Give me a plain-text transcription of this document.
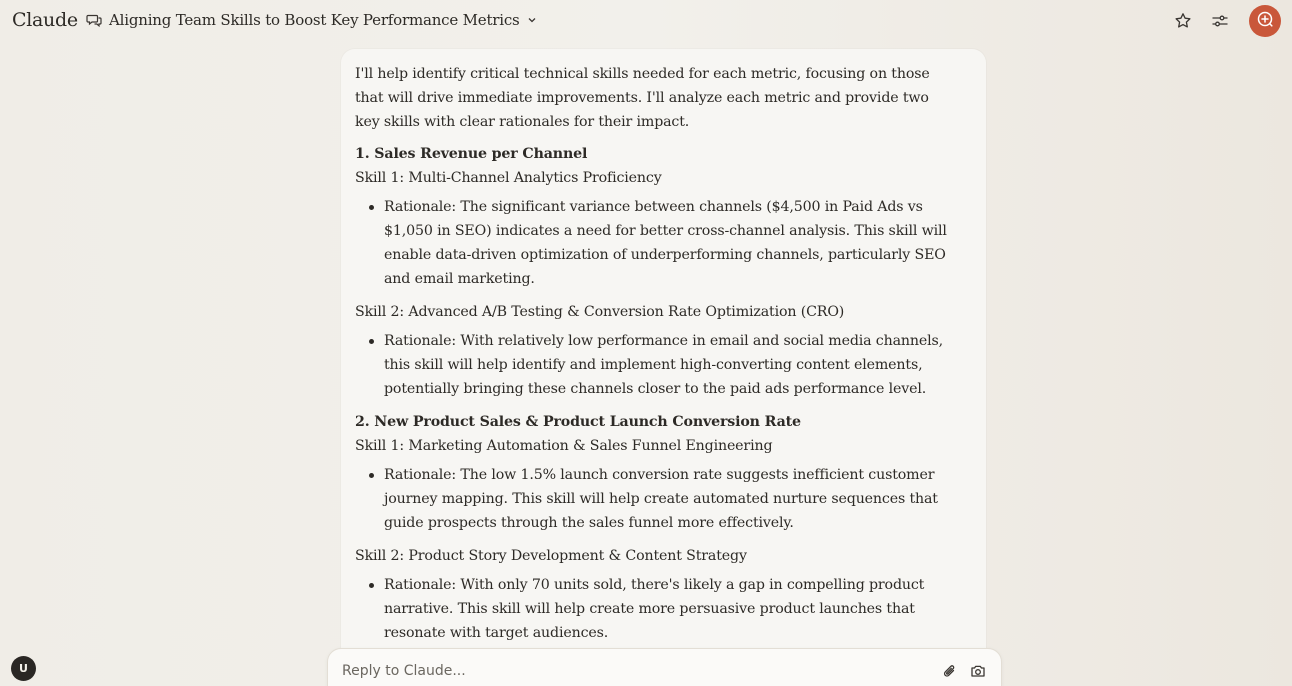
Claude Aligning Team Skills to Boost Key Performance Metrics

I'll help identify critical technical skills needed for each metric, focusing on those that will drive immediate improvements. I'll analyze each metric and provide two key skills with clear rationales for their impact.

1. Sales Revenue per Channel

Skill 1: Multi-Channel Analytics Proficiency

Rationale: The significant variance between channels ($4,500 in Paid Ads vs $1,050 in SEO) indicates a need for better cross-channel analysis. This skill will enable data-driven optimization of underperforming channels, particularly SEO and email marketing.

Skill 2: Advanced A/B Testing & Conversion Rate Optimization (CRO)

Rationale: With relatively low performance in email and social media channels, this skill will help identify and implement high-converting content elements, potentially bringing these channels closer to the paid ads performance level.

2. New Product Sales & Product Launch Conversion Rate

Skill 1: Marketing Automation & Sales Funnel Engineering

Rationale: The low 1.5% launch conversion rate suggests inefficient customer journey mapping. This skill will help create automated nurture sequences that guide prospects through the sales funnel more effectively.

Skill 2: Product Story Development & Content Strategy

Rationale: With only 70 units sold, there's likely a gap in compelling product narrative. This skill will help create more persuasive product launches that resonate with target audiences.

U
Reply to Claude...
